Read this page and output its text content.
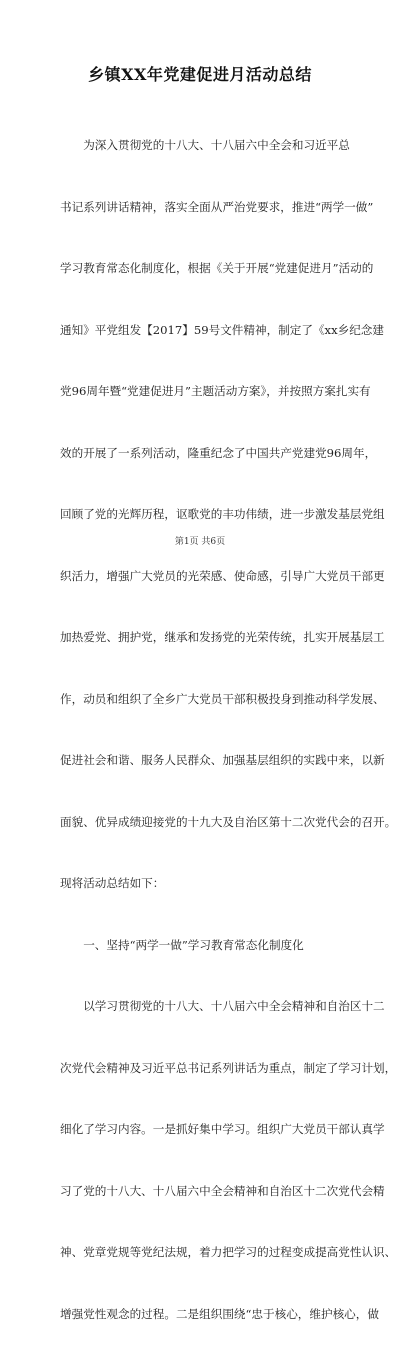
乡镇XX年党建促进月活动总结

　　为深入贯彻党的十八大、十八届六中全会和习近平总

书记系列讲话精神，落实全面从严治党要求，推进“两学一做”

学习教育常态化制度化，根据《关于开展“党建促进月”活动的

通知》平党组发【2017】59号文件精神，制定了《xx乡纪念建

党96周年暨“党建促进月”主题活动方案》，并按照方案扎实有

效的开展了一系列活动，隆重纪念了中国共产党建党96周年，

回顾了党的光辉历程，讴歌党的丰功伟绩，进一步激发基层党组

织活力，增强广大党员的光荣感、使命感，引导广大党员干部更

加热爱党、拥护党，继承和发扬党的光荣传统，扎实开展基层工

作，动员和组织了全乡广大党员干部积极投身到推动科学发展、

促进社会和谐、服务人民群众、加强基层组织的实践中来，以新

面貌、优异成绩迎接党的十九大及自治区第十二次党代会的召开。

现将活动总结如下：

　　一、坚持“两学一做”学习教育常态化制度化

　　以学习贯彻党的十八大、十八届六中全会精神和自治区十二

次党代会精神及习近平总书记系列讲话为重点，制定了学习计划，

细化了学习内容。一是抓好集中学习。组织广大党员干部认真学

习了党的十八大、十八届六中全会精神和自治区十二次党代会精

神、党章党规等党纪法规，着力把学习的过程变成提高党性认识、

增强党性观念的过程。二是组织围绕“忠于核心，维护核心，做

第1页 共6页
